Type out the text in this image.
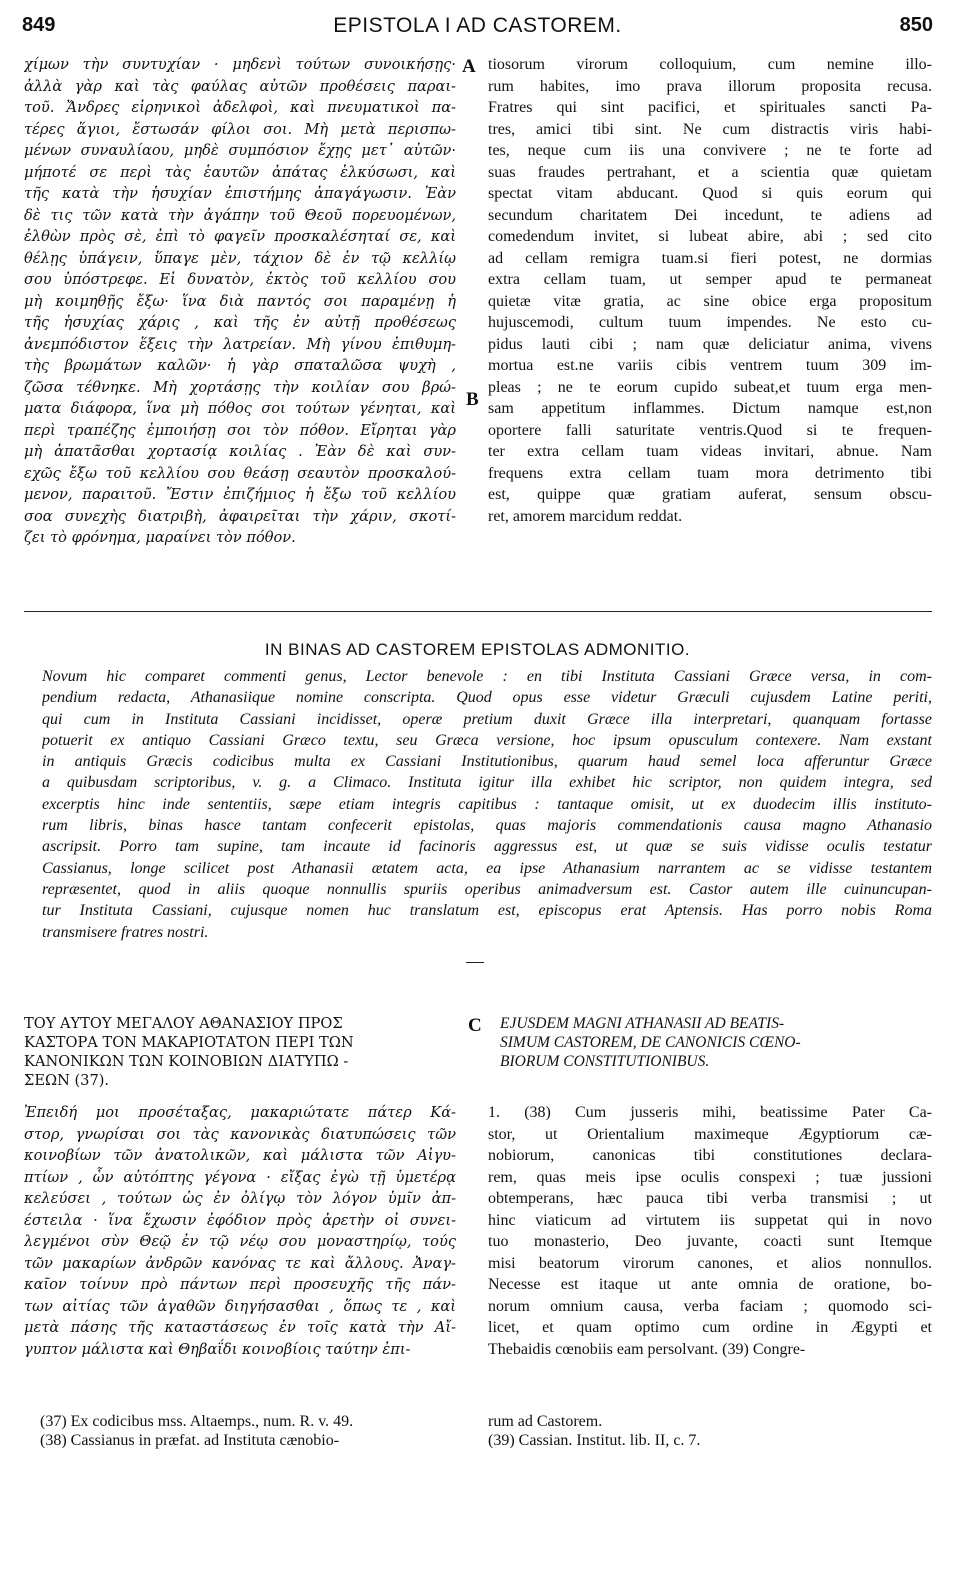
849	EPISTOLA I AD CASTOREM.	850
χίμων τὴν συντυχίαν · μηδενὶ τούτων συνοικήσῃς·
ἀλλὰ γὰρ καὶ τὰς φαύλας αὐτῶν προθέσεις παραι-
τοῦ. Ἄνδρες εἰρηνικοὶ ἀδελφοὶ, καὶ πνευματικοὶ πα-
τέρες ἅγιοι, ἔστωσάν φίλοι σοι. Μὴ μετὰ περισπω-
μένων συναυλίαου, μηδὲ συμπόσιον ἔχῃς μετ᾿ αὐτῶν·
μήποτέ σε περὶ τὰς ἑαυτῶν ἀπάτας ἑλκύσωσι, καὶ
τῆς κατὰ τὴν ἡσυχίαν ἐπιστήμης ἀπαγάγωσιν. Ἐὰν
δὲ τις τῶν κατὰ τὴν ἀγάπην τοῦ Θεοῦ πορευομένων,
ἐλθὼν πρὸς σὲ, ἐπὶ τὸ φαγεῖν προσκαλέσηταί σε, καὶ
θέλῃς ὑπάγειν, ὕπαγε μὲν, τάχιον δὲ ἐν τῷ κελλίῳ
σου ὑπόστρεφε. Εἰ δυνατὸν, ἐκτὸς τοῦ κελλίου σου
μὴ κοιμηθῇς ἔξω· ἵνα διὰ παντός σοι παραμένῃ ἡ
τῆς ἡσυχίας χάρις , καὶ τῆς ἐν αὐτῇ προθέσεως
ἀνεμπόδιστον ἕξεις τὴν λατρείαν. Μὴ γίνου ἐπιθυμη-
τὴς βρωμάτων καλῶν· ἡ γὰρ σπαταλῶσα ψυχὴ ,
ζῶσα τέθνηκε. Μὴ χορτάσῃς τὴν κοιλίαν σου βρώ-
ματα διάφορα, ἵνα μὴ πόθος σοι τούτων γένηται, καὶ
περὶ τραπέζης ἐμποιήσῃ σοι τὸν πόθον. Εἴρηται γὰρ
μὴ ἀπατᾶσθαι χορτασίᾳ κοιλίας . Ἐὰν δὲ καὶ συν-
εχῶς ἔξω τοῦ κελλίου σου θεάσῃ σεαυτὸν προσκαλού-
μενον, παραιτοῦ. Ἔστιν ἐπιζήμιος ἡ ἔξω τοῦ κελλίου
σοα συνεχὴς διατριβὴ, ἀφαιρεῖται τὴν χάριν, σκοτί-
ζει τὸ φρόνημα, μαραίνει τὸν πόθον.
A
B
tiosorum virorum colloquium, cum nemine illo-
rum habites, imo prava illorum proposita recusa.
Fratres qui sint pacifici, et spirituales sancti Pa-
tres, amici tibi sint. Ne cum distractis viris habi-
tes, neque cum iis una convivere ; ne te forte ad
suas fraudes pertrahant, et a scientia quæ quietam
spectat vitam abducant. Quod si quis eorum qui
secundum charitatem Dei incedunt, te adiens ad
comedendum invitet, si lubeat abire, abi ; sed cito
ad cellam remigra tuam.si fieri potest, ne dormias
extra cellam tuam, ut semper apud te permaneat
quietæ vitæ gratia, ac sine obice erga propositum
hujuscemodi, cultum tuum impendes. Ne esto cu-
pidus lauti cibi ; nam quæ deliciatur anima, vivens
mortua est.ne variis cibis ventrem tuum 309 im-
pleas ; ne te eorum cupido subeat,et tuum erga men-
sam appetitum inflammes. Dictum namque est,non
oportere falli saturitate ventris.Quod si te frequen-
ter extra cellam tuam videas invitari, abnue. Nam
frequens extra cellam tuam mora detrimento tibi
est, quippe quæ gratiam auferat, sensum obscu-
ret, amorem marcidum reddat.
IN BINAS AD CASTOREM EPISTOLAS ADMONITIO.
Novum hic comparet commenti genus, Lector benevole : en tibi Instituta Cassiani Græce versa, in com-
pendium redacta, Athanasiique nomine conscripta. Quod opus esse videtur Græculi cujusdem Latine periti,
qui cum in Instituta Cassiani incidisset, operæ pretium duxit Græce illa interpretari, quanquam fortasse
potuerit ex antiquo Cassiani Græco textu, seu Græca versione, hoc ipsum opusculum contexere. Nam exstant
in antiquis Græcis codicibus multa ex Cassiani Institutionibus, quarum haud semel loca afferuntur Græce
a quibusdam scriptoribus, v. g. a Climaco. Instituta igitur illa exhibet hic scriptor, non quidem integra, sed
excerptis hinc inde sententiis, sæpe etiam integris capitibus : tantaque omisit, ut ex duodecim illis instituto-
rum libris, binas hasce tantam confecerit epistolas, quas majoris commendationis causa magno Athanasio
ascripsit. Porro tam supine, tam incaute id facinoris aggressus est, ut quæ se suis vidisse oculis testatur
Cassianus, longe scilicet post Athanasii ætatem acta, ea ipse Athanasium narrantem ac se vidisse testantem
repræsentet, quod in aliis quoque nonnullis spuriis operibus animadversum est. Castor autem ille cuinuncupan-
tur Instituta Cassiani, cujusque nomen huc translatum est, episcopus erat Aptensis. Has porro nobis Roma
transmisere fratres nostri.
ΤΟΥ ΑΥΤΟΥ ΜΕΓΑΛΟΥ ΑΘΑΝΑΣΙΟΥ ΠΡΟΣ
ΚΑΣΤΟΡΑ ΤΟΝ ΜΑΚΑΡΙΟΤΑΤΟΝ ΠΕΡΙ ΤΩΝ
ΚΑΝΟΝΙΚΩΝ ΤΩΝ ΚΟΙΝΟΒΙΩΝ ΔΙΑΤΥΠΩ -
ΣΕΩΝ (37).
C EJUSDEM MAGNI ATHANASII AD BEATIS-
SIMUM CASTOREM, DE CANONICIS CŒNO-
BIORUM CONSTITUTIONIBUS.
Ἐπειδή μοι προσέταξας, μακαριώτατε πάτερ Κά-
στορ, γνωρίσαι σοι τὰς κανονικὰς διατυπώσεις τῶν
κοινοβίων τῶν ἀνατολικῶν, καὶ μάλιστα τῶν Αἰγυ-
πτίων , ὧν αὐτόπτης γέγονα · εἴξας ἐγὼ τῇ ὑμετέρᾳ
κελεύσει , τούτων ὡς ἐν ὀλίγῳ τὸν λόγον ὑμῖν ἀπ-
έστειλα · ἵνα ἔχωσιν ἐφόδιον πρὸς ἀρετὴν οἱ συνει-
λεγμένοι σὺν Θεῷ ἐν τῷ νέῳ σου μοναστηρίῳ, τούς
τῶν μακαρίων ἀνδρῶν κανόνας τε καὶ ἄλλους. Ἀναγ-
καῖον τοίνυν πρὸ πάντων περὶ προσευχῆς τῆς πάν-
των αἰτίας τῶν ἀγαθῶν διηγήσασθαι , ὅπως τε , καὶ
μετὰ πάσης τῆς καταστάσεως ἐν τοῖς κατὰ τὴν Αἴ-
γυπτον μάλιστα καὶ Θηβαΐδι κοινοβίοις ταύτην ἐπι-
1. (38) Cum jusseris mihi, beatissime Pater Ca-
stor, ut Orientalium maximeque Ægyptiorum cæ-
nobiorum, canonicas tibi constitutiones declara-
rem, quas meis ipse oculis conspexi ; tuæ jussioni
obtemperans, hæc pauca tibi verba transmisi ; ut
hinc viaticum ad virtutem iis suppetat qui in novo
tuo monasterio, Deo juvante, coacti sunt Itemque
misi beatorum virorum canones, et alios nonnullos.
Necesse est itaque ut ante omnia de oratione, bo-
norum omnium causa, verba faciam ; quomodo sci-
licet, et quam optimo cum ordine in Ægypti et
Thebaidis cœnobiis eam persolvant. (39) Congre-
(37) Ex codicibus mss. Altaemps., num. R. v. 49.
(38) Cassianus in præfat. ad Instituta cænobio-
rum ad Castorem.
(39) Cassian. Institut. lib. II, c. 7.
